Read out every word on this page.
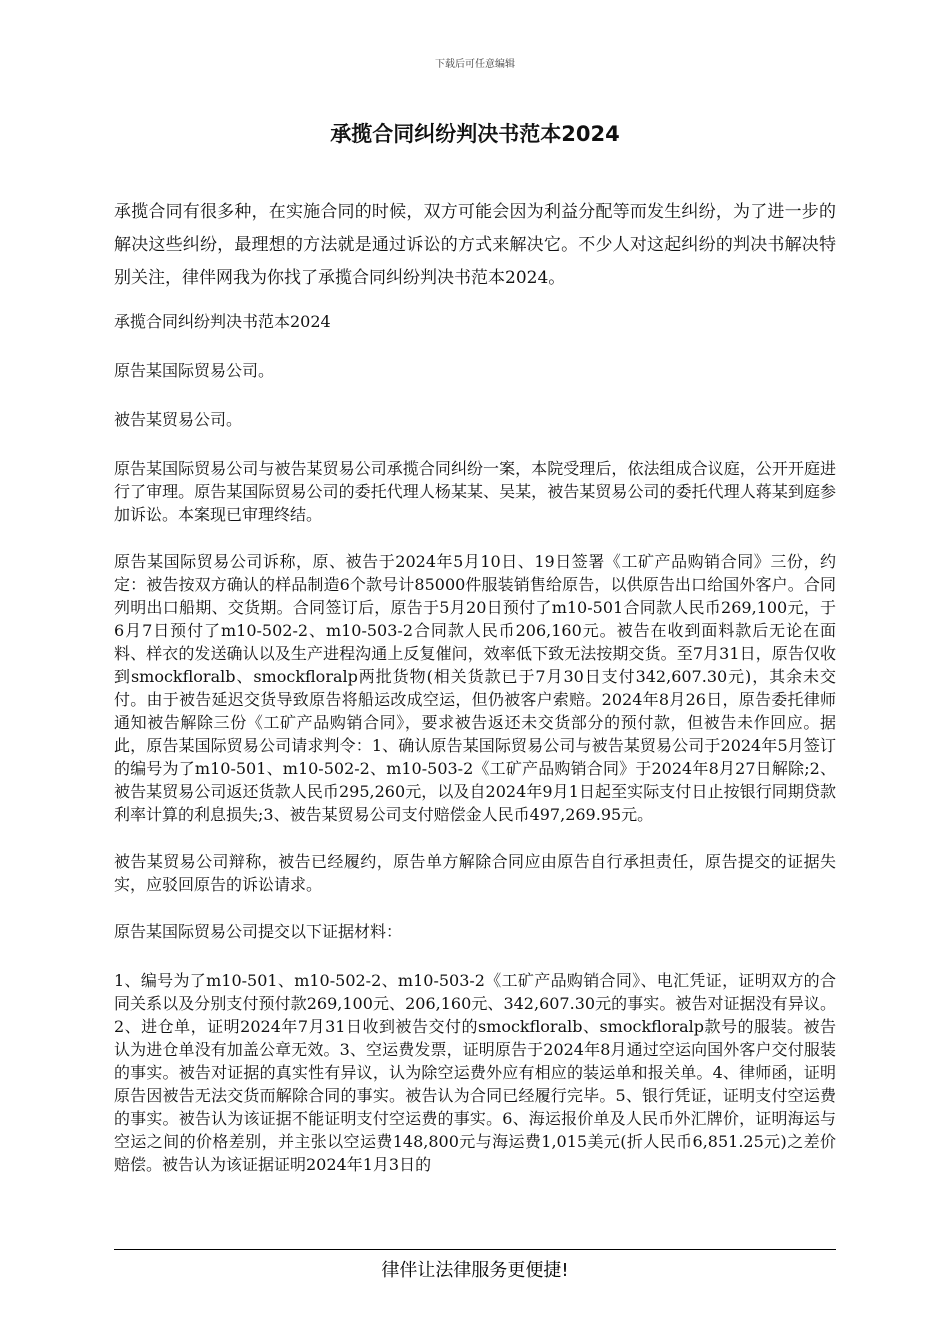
下载后可任意编辑
承揽合同纠纷判决书范本2024

承揽合同有很多种，在实施合同的时候，双方可能会因为利益分配等而发生纠纷，为了进一步的解决这些纠纷，最理想的方法就是通过诉讼的方式来解决它。不少人对这起纠纷的判决书解决特别关注，律伴网我为你找了承揽合同纠纷判决书范本2024。

承揽合同纠纷判决书范本2024

原告某国际贸易公司。

被告某贸易公司。

原告某国际贸易公司与被告某贸易公司承揽合同纠纷一案，本院受理后，依法组成合议庭，公开开庭进行了审理。原告某国际贸易公司的委托代理人杨某某、吴某，被告某贸易公司的委托代理人蒋某到庭参加诉讼。本案现已审理终结。

原告某国际贸易公司诉称，原、被告于2024年5月10日、19日签署《工矿产品购销合同》三份，约定：被告按双方确认的样品制造6个款号计85000件服装销售给原告，以供原告出口给国外客户。合同列明出口船期、交货期。合同签订后，原告于5月20日预付了m10-501合同款人民币269,100元，于6月7日预付了m10-502-2、m10-503-2合同款人民币206,160元。被告在收到面料款后无论在面料、样衣的发送确认以及生产进程沟通上反复催问，效率低下致无法按期交货。至7月31日，原告仅收到smockfloralb、smockfloralp两批货物(相关货款已于7月30日支付342,607.30元)，其余未交付。由于被告延迟交货导致原告将船运改成空运，但仍被客户索赔。2024年8月26日，原告委托律师通知被告解除三份《工矿产品购销合同》，要求被告返还未交货部分的预付款，但被告未作回应。据此，原告某国际贸易公司请求判令：1、确认原告某国际贸易公司与被告某贸易公司于2024年5月签订的编号为了m10-501、m10-502-2、m10-503-2《工矿产品购销合同》于2024年8月27日解除;2、被告某贸易公司返还货款人民币295,260元，以及自2024年9月1日起至实际支付日止按银行同期贷款利率计算的利息损失;3、被告某贸易公司支付赔偿金人民币497,269.95元。

被告某贸易公司辩称，被告已经履约，原告单方解除合同应由原告自行承担责任，原告提交的证据失实，应驳回原告的诉讼请求。

原告某国际贸易公司提交以下证据材料：

1、编号为了m10-501、m10-502-2、m10-503-2《工矿产品购销合同》、电汇凭证，证明双方的合同关系以及分别支付预付款269,100元、206,160元、342,607.30元的事实。被告对证据没有异议。2、进仓单，证明2024年7月31日收到被告交付的smockfloralb、smockfloralp款号的服装。被告认为进仓单没有加盖公章无效。3、空运费发票，证明原告于2024年8月通过空运向国外客户交付服装的事实。被告对证据的真实性有异议，认为除空运费外应有相应的装运单和报关单。4、律师函，证明原告因被告无法交货而解除合同的事实。被告认为合同已经履行完毕。5、银行凭证，证明支付空运费的事实。被告认为该证据不能证明支付空运费的事实。6、海运报价单及人民币外汇牌价，证明海运与空运之间的价格差别，并主张以空运费148,800元与海运费1,015美元(折人民币6,851.25元)之差价赔偿。被告认为该证据证明2024年1月3日的

律伴让法律服务更便捷!
